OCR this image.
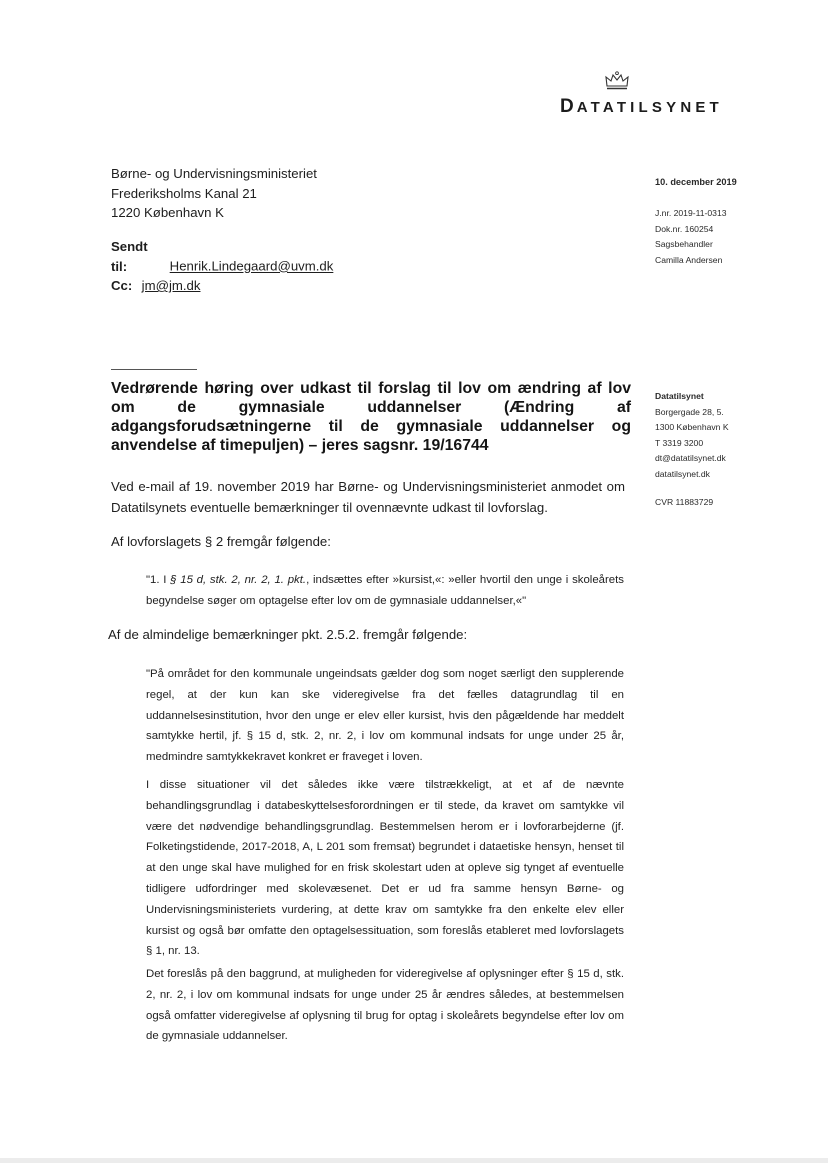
DATATILSYNET
Børne- og Undervisningsministeriet
Frederiksholms Kanal 21
1220 København K
Sendt til:	Henrik.Lindegaard@uvm.dk
Cc: jm@jm.dk
10. december 2019
J.nr. 2019-11-0313
Dok.nr. 160254
Sagsbehandler
Camilla Andersen
Datatilsynet
Borgergade 28, 5.
1300 København K
T 3319 3200
dt@datatilsynet.dk
datatilsynet.dk
CVR 11883729
Vedrørende høring over udkast til forslag til lov om ændring af lov om de gymnasiale uddannelser (Ændring af adgangsforudsætningerne til de gymnasiale uddannelser og anvendelse af timepuljen) – jeres sagsnr. 19/16744
Ved e-mail af 19. november 2019 har Børne- og Undervisningsministeriet anmodet om Datatilsynets eventuelle bemærkninger til ovennævnte udkast til lovforslag.
Af lovforslagets § 2 fremgår følgende:
"1. I § 15 d, stk. 2, nr. 2, 1. pkt., indsættes efter »kursist,«: »eller hvortil den unge i skoleårets begyndelse søger om optagelse efter lov om de gymnasiale uddannelser,«"
Af de almindelige bemærkninger pkt. 2.5.2. fremgår følgende:
"På området for den kommunale ungeindsats gælder dog som noget særligt den supplerende regel, at der kun kan ske videregivelse fra det fælles datagrundlag til en uddannelsesinstitution, hvor den unge er elev eller kursist, hvis den pågældende har meddelt samtykke hertil, jf. § 15 d, stk. 2, nr. 2, i lov om kommunal indsats for unge under 25 år, medmindre samtykkekravet konkret er fraveget i loven.
I disse situationer vil det således ikke være tilstrækkeligt, at et af de nævnte behandlingsgrundlag i databeskyttelsesforordningen er til stede, da kravet om samtykke vil være det nødvendige behandlingsgrundlag. Bestemmelsen herom er i lovforarbejderne (jf. Folketingstidende, 2017-2018, A, L 201 som fremsat) begrundet i dataetiske hensyn, henset til at den unge skal have mulighed for en frisk skolestart uden at opleve sig tynget af eventuelle tidligere udfordringer med skolevæsenet. Det er ud fra samme hensyn Børne- og Undervisningsministeriets vurdering, at dette krav om samtykke fra den enkelte elev eller kursist og også bør omfatte den optagelsessituation, som foreslås etableret med lovforslagets § 1, nr. 13.
Det foreslås på den baggrund, at muligheden for videregivelse af oplysninger efter § 15 d, stk. 2, nr. 2, i lov om kommunal indsats for unge under 25 år ændres således, at bestemmelsen også omfatter videregivelse af oplysning til brug for optag i skoleårets begyndelse efter lov om de gymnasiale uddannelser.
